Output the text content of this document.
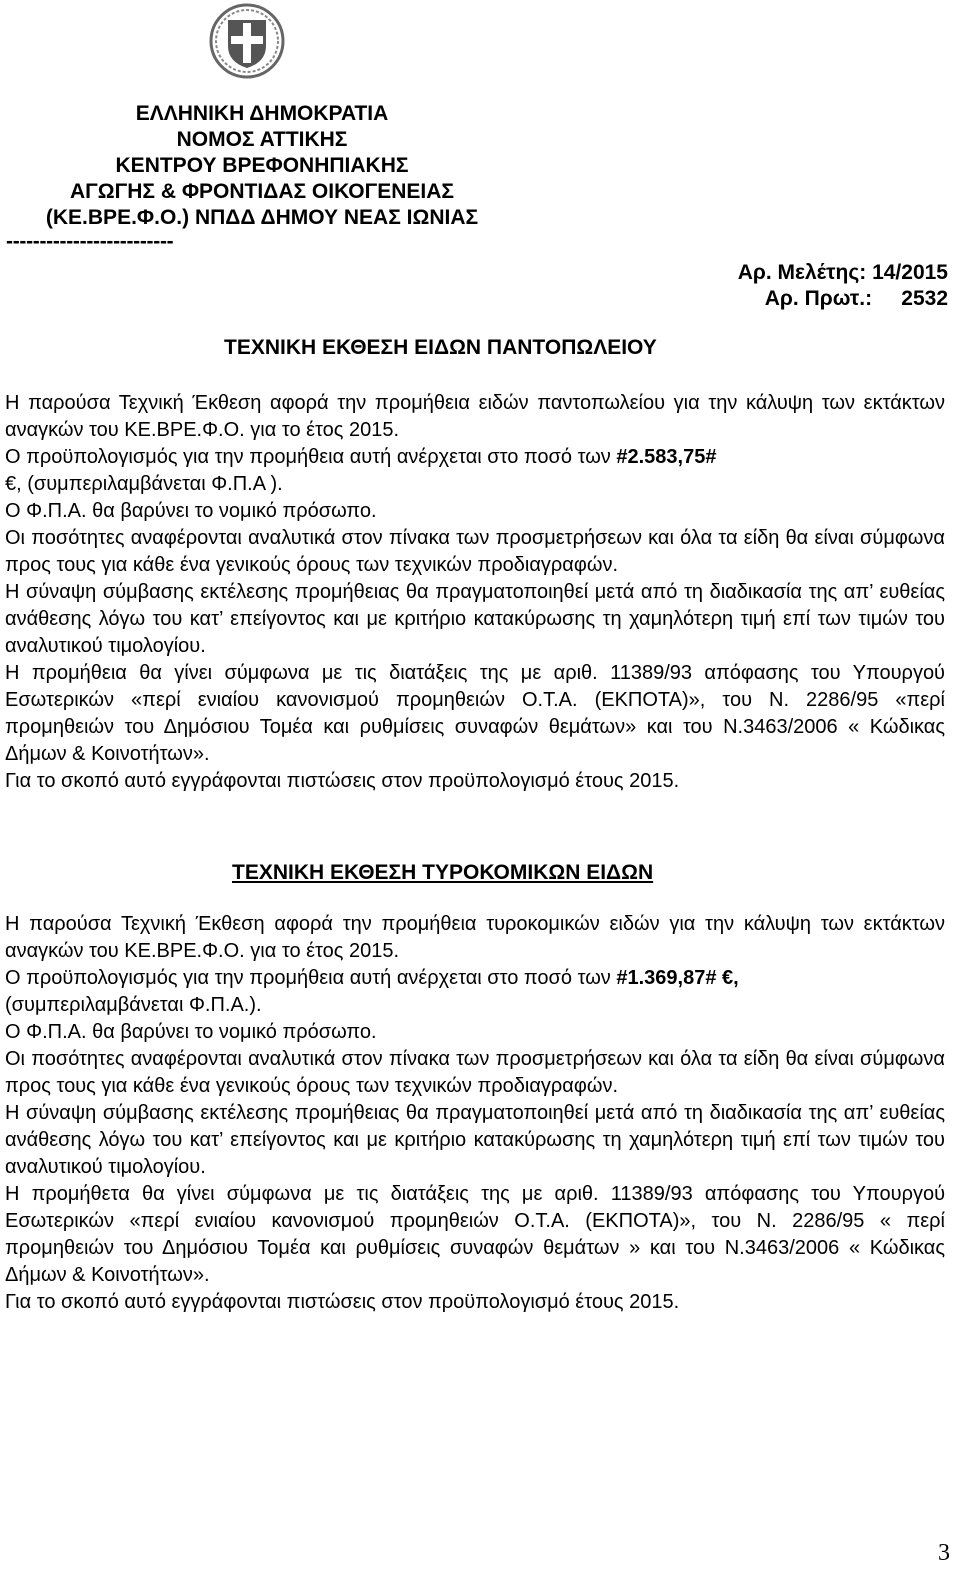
ΕΛΛΗΝΙΚΗ ΔΗΜΟΚΡΑΤΙΑ
ΝΟΜΟΣ ΑΤΤΙΚΗΣ
ΚΕΝΤΡΟΥ ΒΡΕΦΟΝΗΠΙΑΚΗΣ
ΑΓΩΓΗΣ & ΦΡΟΝΤΙΔΑΣ ΟΙΚΟΓΕΝΕΙΑΣ
(ΚΕ.ΒΡΕ.Φ.Ο.) ΝΠΔΔ ΔΗΜΟΥ ΝΕΑΣ ΙΩΝΙΑΣ
-------------------------
Αρ. Μελέτης: 14/2015
Αρ. Πρωτ.:     2532
ΤΕΧΝΙΚΗ ΕΚΘΕΣΗ ΕΙΔΩΝ ΠΑΝΤΟΠΩΛΕΙΟΥ

Η παρούσα Τεχνική Έκθεση αφορά την προμήθεια ειδών παντοπωλείου για την κάλυψη των εκτάκτων αναγκών του ΚΕ.ΒΡΕ.Φ.Ο. για το έτος 2015.

Ο προϋπολογισμός για την προμήθεια αυτή ανέρχεται στο ποσό των #2.583,75#
€, (συμπεριλαμβάνεται Φ.Π.Α ).

Ο Φ.Π.Α. θα βαρύνει το νομικό πρόσωπο.

Οι ποσότητες αναφέρονται αναλυτικά στον πίνακα των προσμετρήσεων και όλα τα είδη θα είναι σύμφωνα προς τους για κάθε ένα γενικούς όρους των τεχνικών προδιαγραφών.

Η σύναψη σύμβασης εκτέλεσης προμήθειας θα πραγματοποιηθεί μετά από τη διαδικασία της απ’ ευθείας ανάθεσης λόγω του κατ’ επείγοντος και με κριτήριο κατακύρωσης τη χαμηλότερη τιμή επί των τιμών του αναλυτικού τιμολογίου.

Η προμήθεια θα γίνει σύμφωνα με τις διατάξεις της με αριθ. 11389/93 απόφασης του Υπουργού Εσωτερικών «περί ενιαίου κανονισμού προμηθειών Ο.Τ.Α. (ΕΚΠΟΤΑ)», του Ν. 2286/95 «περί προμηθειών του Δημόσιου Τομέα και ρυθμίσεις συναφών θεμάτων» και του Ν.3463/2006 « Κώδικας Δήμων & Κοινοτήτων».

Για το σκοπό αυτό εγγράφονται πιστώσεις στον προϋπολογισμό έτους 2015.

ΤΕΧΝΙΚΗ ΕΚΘΕΣΗ ΤΥΡΟΚΟΜΙΚΩΝ ΕΙΔΩΝ

Η παρούσα Τεχνική Έκθεση αφορά την προμήθεια τυροκομικών ειδών για την κάλυψη των εκτάκτων αναγκών του ΚΕ.ΒΡΕ.Φ.Ο. για το έτος 2015.

Ο προϋπολογισμός για την προμήθεια αυτή ανέρχεται στο ποσό των #1.369,87# €,
(συμπεριλαμβάνεται Φ.Π.Α.).

Ο Φ.Π.Α. θα βαρύνει το νομικό πρόσωπο.

Οι ποσότητες αναφέρονται αναλυτικά στον πίνακα των προσμετρήσεων και όλα τα είδη θα είναι σύμφωνα προς τους για κάθε ένα γενικούς όρους των τεχνικών προδιαγραφών.

Η σύναψη σύμβασης εκτέλεσης προμήθειας θα πραγματοποιηθεί μετά από τη διαδικασία της απ’ ευθείας ανάθεσης λόγω του κατ’ επείγοντος και με κριτήριο κατακύρωσης τη χαμηλότερη τιμή επί των τιμών του αναλυτικού τιμολογίου.

Η προμήθετα θα γίνει σύμφωνα με τις διατάξεις της με αριθ. 11389/93 απόφασης του Υπουργού Εσωτερικών «περί ενιαίου κανονισμού προμηθειών Ο.Τ.Α. (ΕΚΠΟΤΑ)», του Ν. 2286/95 « περί προμηθειών του Δημόσιου Τομέα και ρυθμίσεις συναφών θεμάτων » και του Ν.3463/2006 « Κώδικας Δήμων & Κοινοτήτων».

Για το σκοπό αυτό εγγράφονται πιστώσεις στον προϋπολογισμό έτους 2015.

3
